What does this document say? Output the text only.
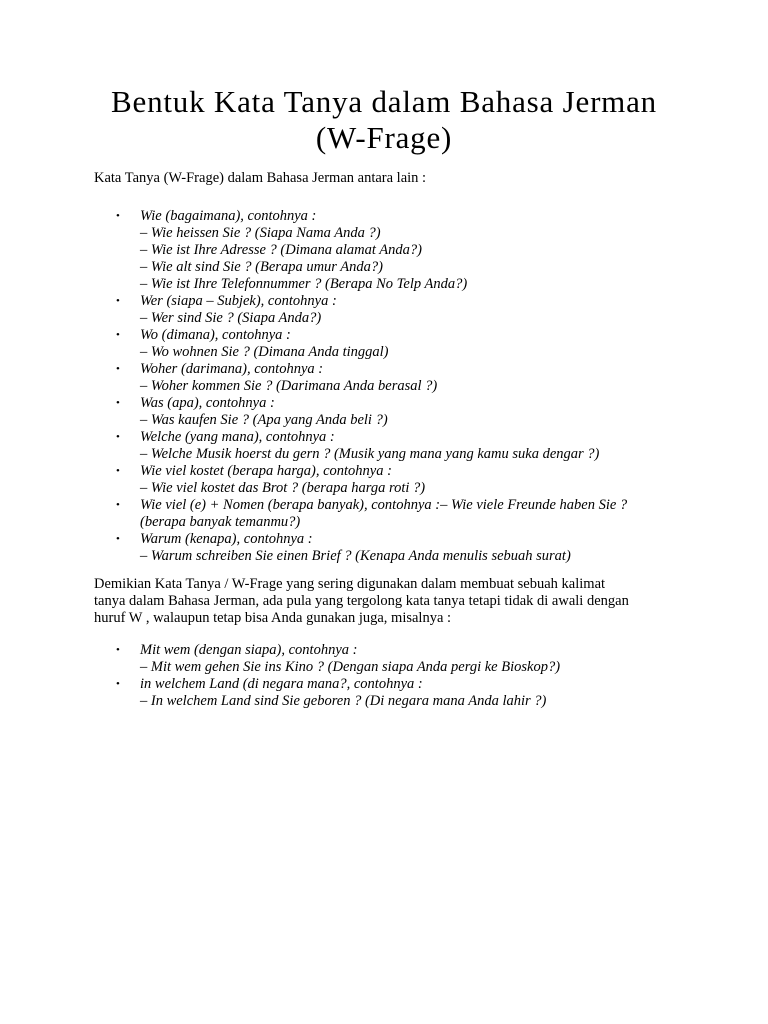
Bentuk Kata Tanya dalam Bahasa Jerman
(W-Frage)

Kata Tanya (W-Frage) dalam Bahasa Jerman antara lain :

• Wie (bagaimana), contohnya :
– Wie heissen Sie ? (Siapa Nama Anda ?)
– Wie ist Ihre Adresse ? (Dimana alamat Anda?)
– Wie alt sind Sie ? (Berapa umur Anda?)
– Wie ist Ihre Telefonnummer ? (Berapa No Telp Anda?)
• Wer (siapa – Subjek), contohnya :
– Wer sind Sie ? (Siapa Anda?)
• Wo (dimana), contohnya :
– Wo wohnen Sie ? (Dimana Anda tinggal)
• Woher (darimana), contohnya :
– Woher kommen Sie ? (Darimana Anda berasal ?)
• Was (apa), contohnya :
– Was kaufen Sie ? (Apa yang Anda beli ?)
• Welche (yang mana), contohnya :
– Welche Musik hoerst du gern ? (Musik yang mana yang kamu suka dengar ?)
• Wie viel kostet (berapa harga), contohnya :
– Wie viel kostet das Brot ? (berapa harga roti ?)
• Wie viel (e) + Nomen (berapa banyak), contohnya :– Wie viele Freunde haben Sie ?
(berapa banyak temanmu?)
• Warum (kenapa), contohnya :
– Warum schreiben Sie einen Brief ? (Kenapa Anda menulis sebuah surat)
Demikian Kata Tanya / W-Frage yang sering digunakan dalam membuat sebuah kalimat
tanya dalam Bahasa Jerman, ada pula yang tergolong kata tanya tetapi tidak di awali dengan
huruf W , walaupun tetap bisa Anda gunakan juga, misalnya :
• Mit wem (dengan siapa), contohnya :
– Mit wem gehen Sie ins Kino ? (Dengan siapa Anda pergi ke Bioskop?)
• in welchem Land (di negara mana?, contohnya :
– In welchem Land sind Sie geboren ? (Di negara mana Anda lahir ?)
